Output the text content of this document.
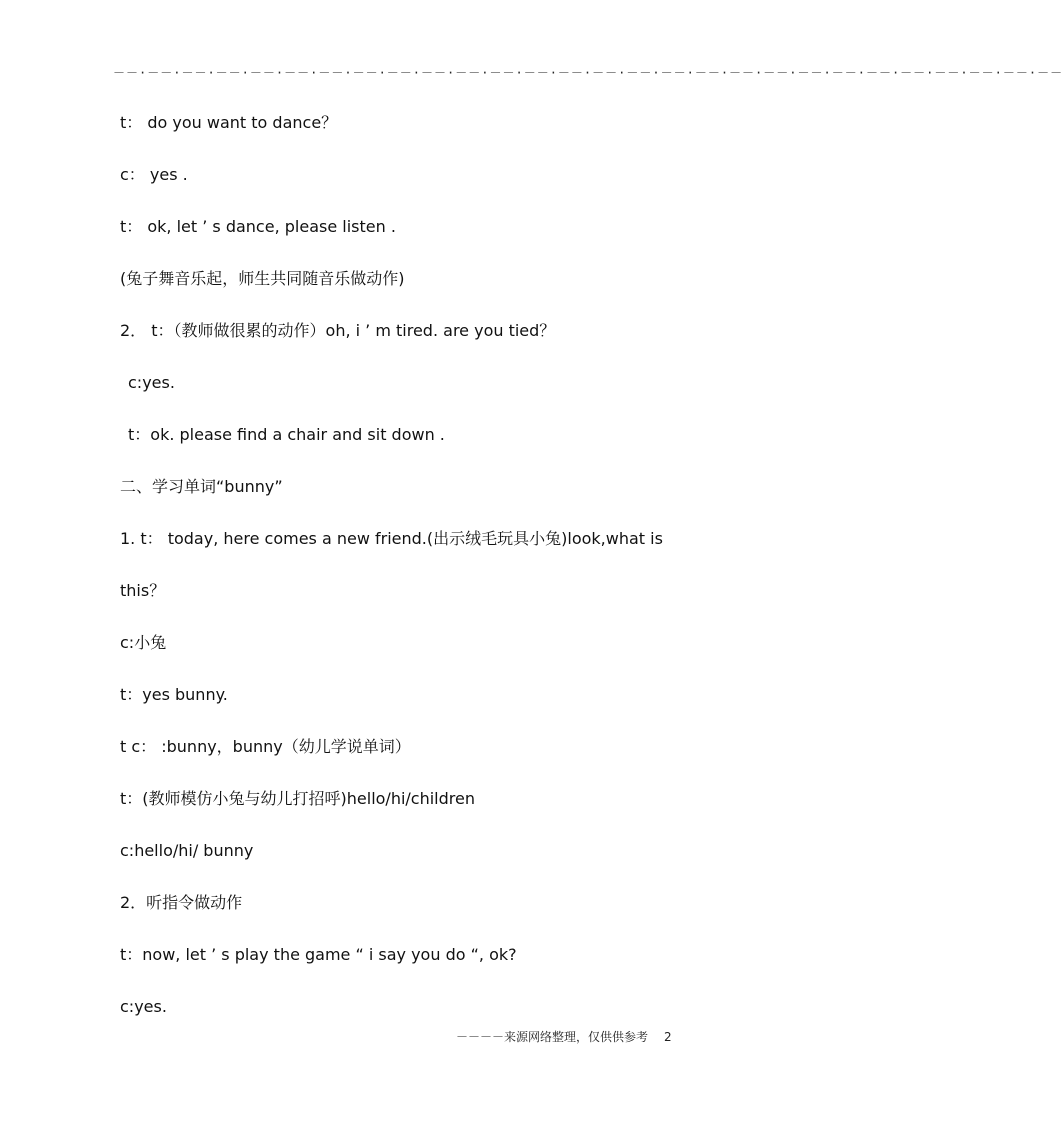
－－·－－·－－·－－·－－·－－·－－·－－·－－·－－·－－·－－·－－·－－·－－·－－·－－·－－·－－·－－·－－·－－·－－·－－·－－·－－·－－·－－
t： do you want to dance？
c： yes .
t： ok, let ’ s dance, please listen .
(兔子舞音乐起，师生共同随音乐做动作)
2． t：（教师做很累的动作）oh, i ’ m tired. are you tied？
c:yes.
t：ok. please find a chair and sit down .
二、学习单词“bunny”
1. t： today, here comes a new friend.(出示绒毛玩具小兔)look,what is
this？
c:小兔
t：yes bunny.
t c： :bunny，bunny（幼儿学说单词）
t：(教师模仿小兔与幼儿打招呼)hello/hi/children
c:hello/hi/ bunny
2．听指令做动作
t：now, let ’ s play the game “ i say you do “, ok?
c:yes.
－－－－来源网络整理，仅供供参考 2
